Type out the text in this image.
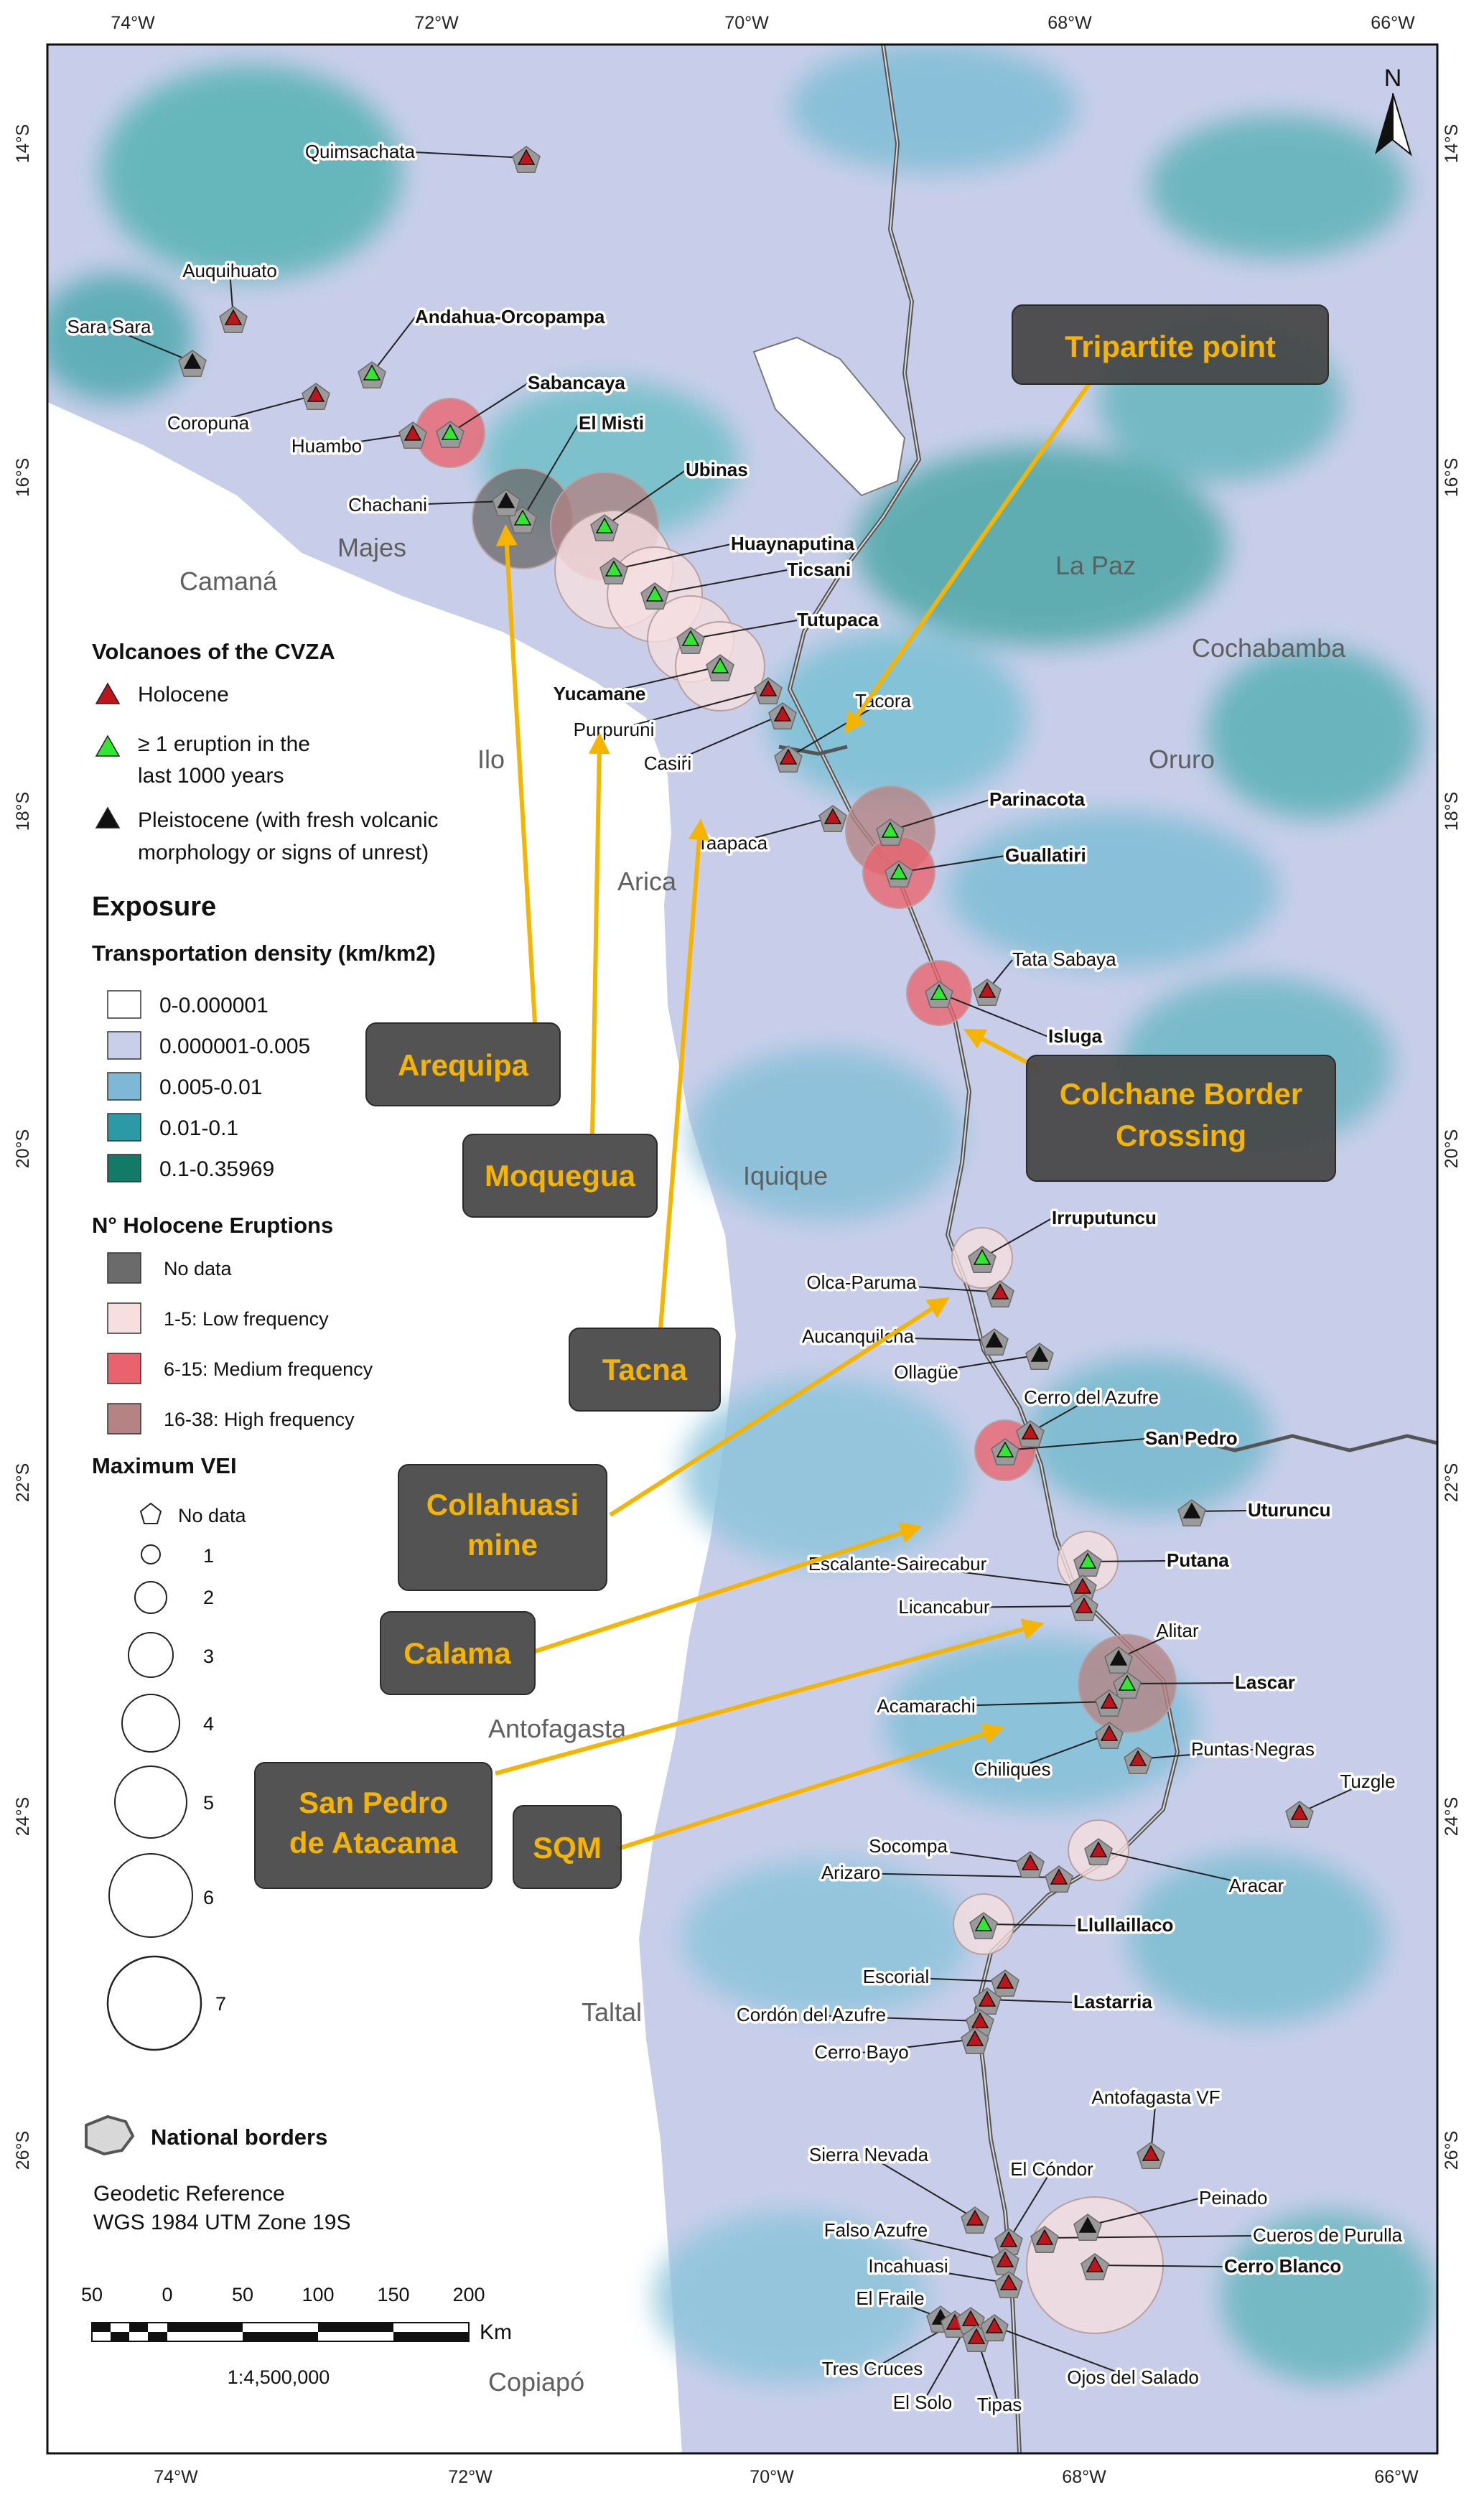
74°W	72°W	70°W	68°W	66°W
74°W	72°W	70°W	68°W	66°W
14°S
16°S
18°S
20°S
22°S
24°S
26°S
14°S
16°S
18°S
20°S
22°S
24°S
26°S
N
Camaná
Majes
Ilo
Arica
Iquique
Antofagasta
Taltal
Copiapó
La Paz
Cochabamba
Oruro
Quimsachata
Auquihuato
Sara Sara	Andahua-Orcopampa
Coropuna
Sabancaya
Huambo
El Misti
Chachani
Ubinas
Huaynaputina
Ticsani
Tutupaca
Yucamane
Purpuruni
Casiri
Tacora
Taapaca
Parinacota
Guallatiri
Tata Sabaya
Isluga
Irruputuncu
Olca-Paruma
Aucanquilcha
Ollagüe
Cerro del Azufre
San Pedro
Uturuncu
Putana
Escalante-Sairecabur
Licancabur
Alitar
Lascar
Acamarachi
Chiliques
Puntas Negras
Tuzgle
Socompa
Arizaro
Aracar
Llullaillaco
Escorial
Lastarria
Cordón del Azufre
Cerro Bayo
Antofagasta VF
Sierra Nevada
El Cóndor
Peinado
Falso Azufre	Cueros de Purulla
Cerro Blanco
Incahuasi
El Fraile
Tres Cruces
El Solo Tipas
Ojos del Salado
Tripartite point
Arequipa
Moquegua
Tacna
Colchane Border
Crossing
Collahuasi
mine
Calama
San Pedro
de Atacama	SQM
Volcanoes of the CVZA
Holocene
≥ 1 eruption in the
last 1000 years
Pleistocene (with fresh volcanic
morphology or signs of unrest)
Exposure
Transportation density (km/km2)
0-0.000001
0.000001-0.005
0.005-0.01
0.01-0.1
0.1-0.35969
N° Holocene Eruptions
No data
1-5: Low frequency
6-15: Medium frequency
16-38: High frequency
Maximum VEI
No data
1
2
3
4
5
6
7
National borders
Geodetic Reference
WGS 1984 UTM Zone 19S
50	0	50 100 150 200
Km
1:4,500,000
